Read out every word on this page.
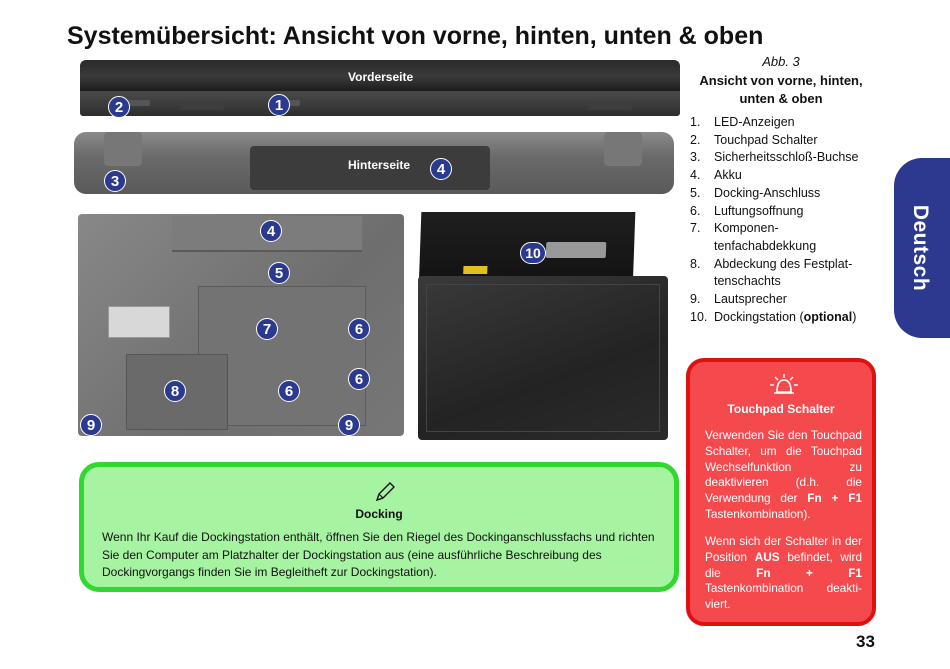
Systemübersicht: Ansicht von vorne, hinten, unten & oben
Deutsch
Vorderseite
Hinterseite
1
2
3
4
4
5
6
6
6
7
8
9	9
10
Abb. 3
Ansicht von vorne, hinten, unten & oben
1.	LED-Anzeigen
2.	Touchpad Schalter
3.	Sicherheitsschloß-Buchse
4.	Akku
5.	Docking-Anschluss
6.	Luftungsoffnung
7.	Komponen-tenfachabdekkung
8.	Abdeckung des Festplat-tenschachts
9.	Lautsprecher
10. Dockingstation (optional)
Touchpad Schalter
Verwenden Sie den Touchpad Schalter, um die Touchpad Wechselfunktion zu deaktivieren (d.h. die Verwendung der Fn + F1 Tastenkombination).
Wenn sich der Schalter in der Position AUS befindet, wird die Fn + F1 Tastenkombination deakti-viert.
Docking
Wenn Ihr Kauf die Dockingstation enthält, öffnen Sie den Riegel des Dockinganschlussfachs und richten Sie den Computer am Platzhalter der Dockingstation aus (eine ausführliche Beschreibung des Dockingvorgangs finden Sie im Begleitheft zur Dockingstation).
33
